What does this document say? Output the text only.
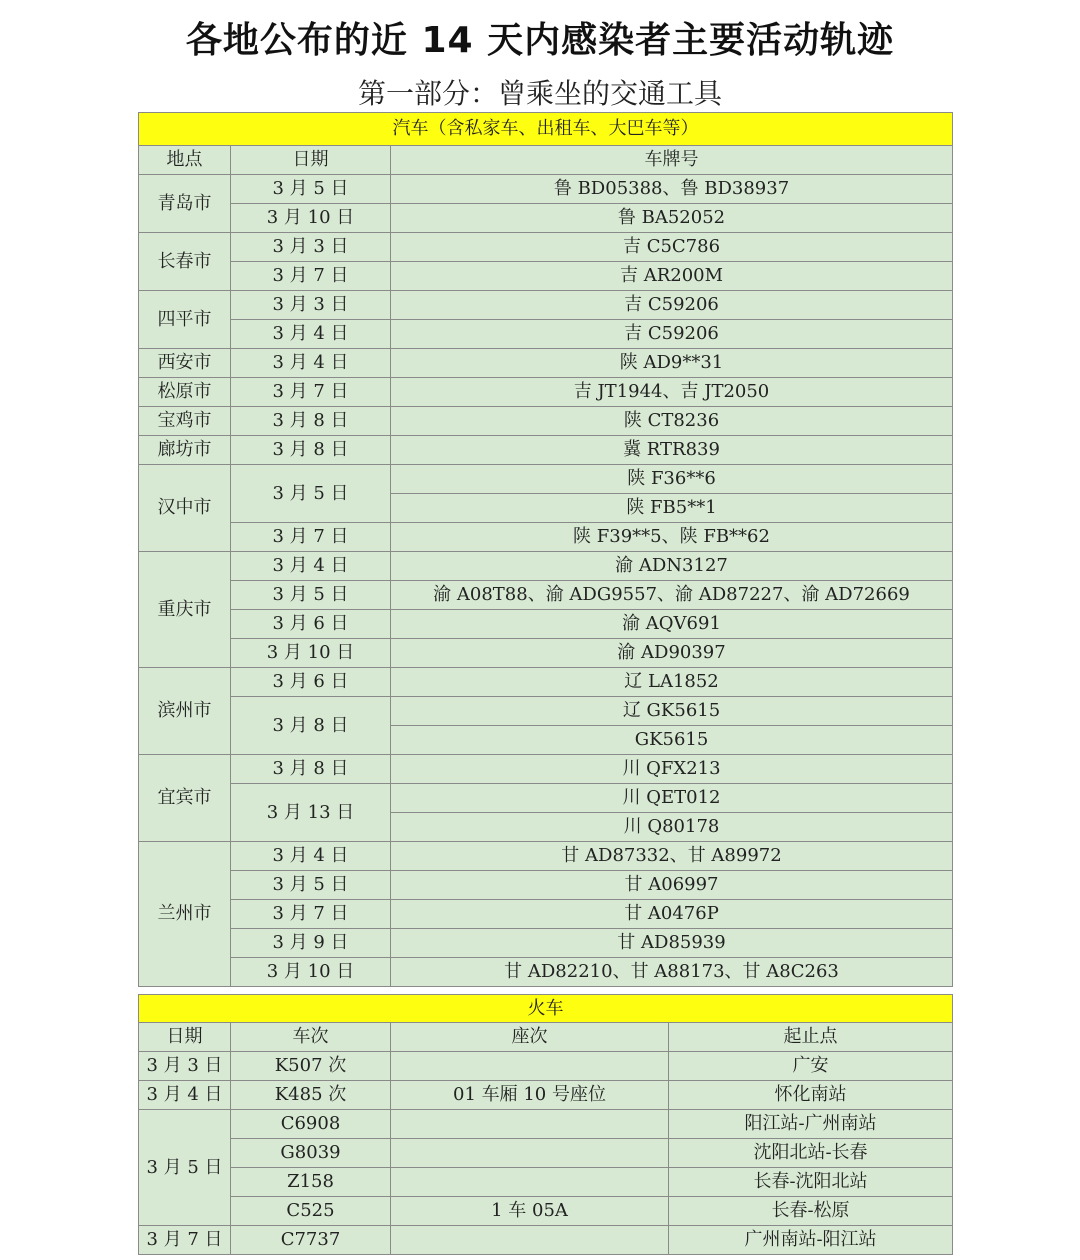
各地公布的近 14 天内感染者主要活动轨迹
第一部分：曾乘坐的交通工具
汽车（含私家车、出租车、大巴车等）		
地点	日期	车牌号
青岛市	3 月 5 日	鲁 BD05388、鲁 BD38937
	3 月 10 日	鲁 BA52052
长春市	3 月 3 日	吉 C5C786
	3 月 7 日	吉 AR200M
四平市	3 月 3 日	吉 C59206
	3 月 4 日	吉 C59206
西安市	3 月 4 日	陕 AD9**31
松原市	3 月 7 日	吉 JT1944、吉 JT2050
宝鸡市	3 月 8 日	陕 CT8236
廊坊市	3 月 8 日	冀 RTR839
汉中市	3 月 5 日	陕 F36**6
		陕 FB5**1
	3 月 7 日	陕 F39**5、陕 FB**62
重庆市	3 月 4 日	渝 ADN3127
	3 月 5 日	渝 A08T88、渝 ADG9557、渝 AD87227、渝 AD72669
	3 月 6 日	渝 AQV691
	3 月 10 日	渝 AD90397
滨州市	3 月 6 日	辽 LA1852
	3 月 8 日	辽 GK5615
		GK5615
宜宾市	3 月 8 日	川 QFX213
	3 月 13 日	川 QET012
		川 Q80178
兰州市	3 月 4 日	甘 AD87332、甘 A89972
	3 月 5 日	甘 A06997
	3 月 7 日	甘 A0476P
	3 月 9 日	甘 AD85939
	3 月 10 日	甘 AD82210、甘 A88173、甘 A8C263
火车			
日期	车次	座次	起止点
3 月 3 日	K507 次		广安
3 月 4 日	K485 次	01 车厢 10 号座位	怀化南站
3 月 5 日	C6908		阳江站-广州南站
	G8039		沈阳北站-长春
	Z158		长春-沈阳北站
	C525	1 车 05A	长春-松原
3 月 7 日	C7737		广州南站-阳江站
